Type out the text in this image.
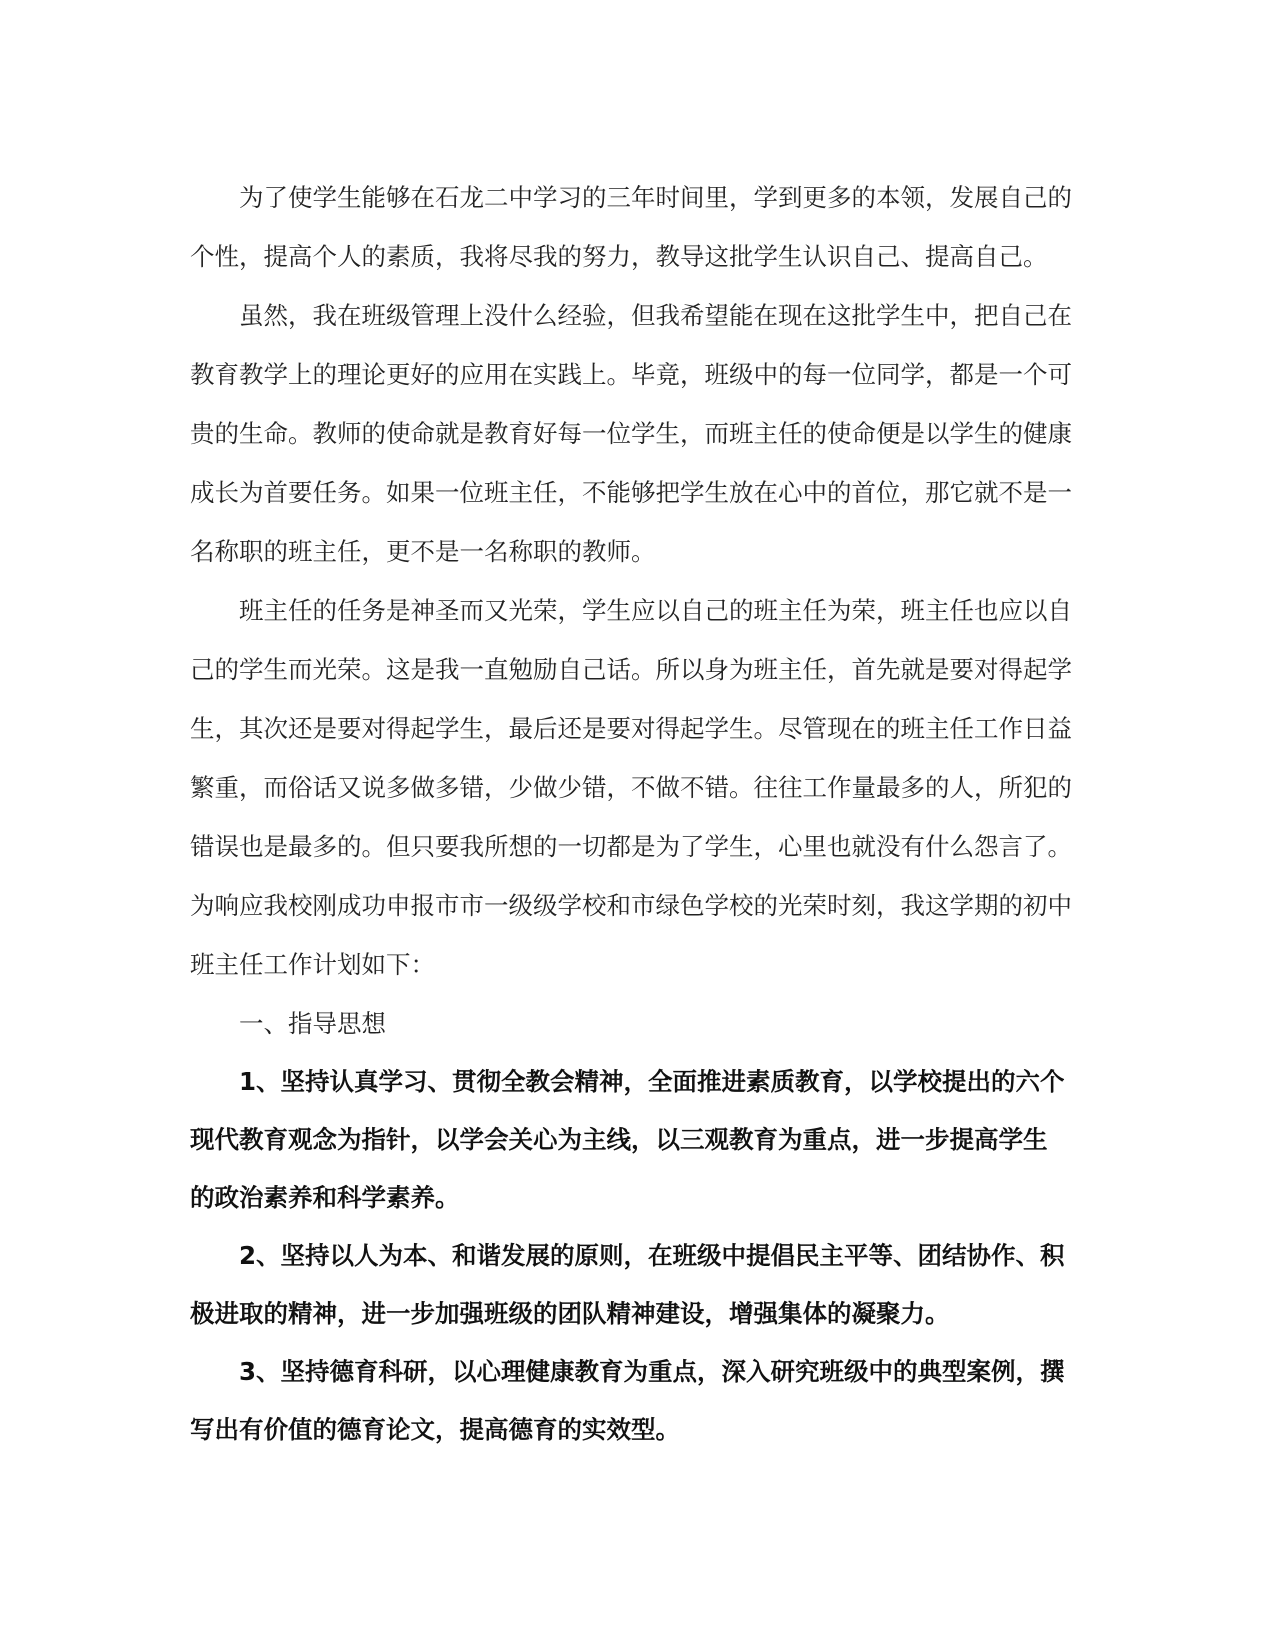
为了使学生能够在石龙二中学习的三年时间里，学到更多的本领，发展自己的
个性，提高个人的素质，我将尽我的努力，教导这批学生认识自己、提高自己。
虽然，我在班级管理上没什么经验，但我希望能在现在这批学生中，把自己在
教育教学上的理论更好的应用在实践上。毕竟，班级中的每一位同学，都是一个可
贵的生命。教师的使命就是教育好每一位学生，而班主任的使命便是以学生的健康
成长为首要任务。如果一位班主任，不能够把学生放在心中的首位，那它就不是一
名称职的班主任，更不是一名称职的教师。
班主任的任务是神圣而又光荣，学生应以自己的班主任为荣，班主任也应以自
己的学生而光荣。这是我一直勉励自己话。所以身为班主任，首先就是要对得起学
生，其次还是要对得起学生，最后还是要对得起学生。尽管现在的班主任工作日益
繁重，而俗话又说多做多错，少做少错，不做不错。往往工作量最多的人，所犯的
错误也是最多的。但只要我所想的一切都是为了学生，心里也就没有什么怨言了。
为响应我校刚成功申报市市一级级学校和市绿色学校的光荣时刻，我这学期的初中
班主任工作计划如下：
一、指导思想
1、坚持认真学习、贯彻全教会精神，全面推进素质教育，以学校提出的六个
现代教育观念为指针，以学会关心为主线，以三观教育为重点，进一步提高学生
的政治素养和科学素养。
2、坚持以人为本、和谐发展的原则，在班级中提倡民主平等、团结协作、积
极进取的精神，进一步加强班级的团队精神建设，增强集体的凝聚力。
3、坚持德育科研，以心理健康教育为重点，深入研究班级中的典型案例，撰
写出有价值的德育论文，提高德育的实效型。
